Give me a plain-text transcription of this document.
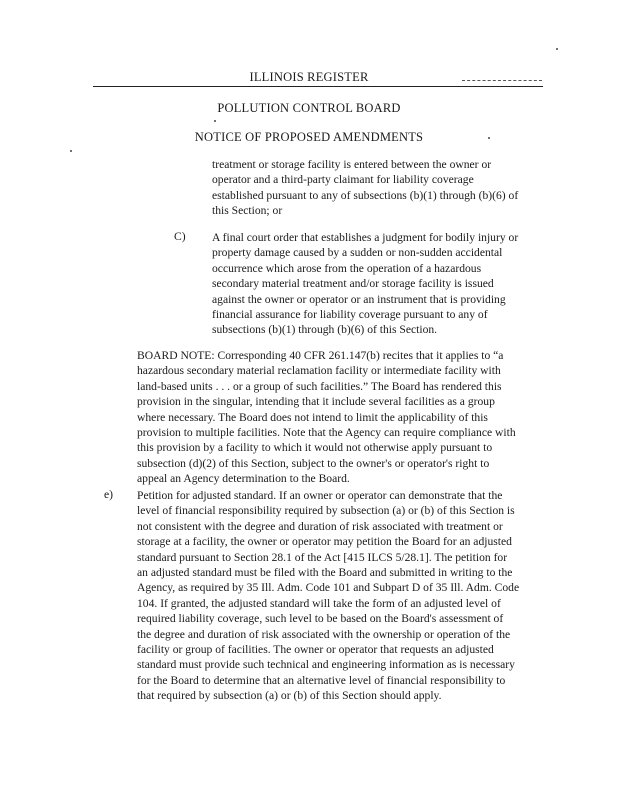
ILLINOIS REGISTER
POLLUTION CONTROL BOARD
NOTICE OF PROPOSED AMENDMENTS

treatment or storage facility is entered between the owner or

operator and a third-party claimant for liability coverage

established pursuant to any of subsections (b)(1) through (b)(6) of

this Section; or

C) A final court order that establishes a judgment for bodily injury or

property damage caused by a sudden or non-sudden accidental

occurrence which arose from the operation of a hazardous

secondary material treatment and/or storage facility is issued

against the owner or operator or an instrument that is providing

financial assurance for liability coverage pursuant to any of

subsections (b)(1) through (b)(6) of this Section.

BOARD NOTE: Corresponding 40 CFR 261.147(b) recites that it applies to “a

hazardous secondary material reclamation facility or intermediate facility with

land-based units . . . or a group of such facilities.” The Board has rendered this

provision in the singular, intending that it include several facilities as a group

where necessary. The Board does not intend to limit the applicability of this

provision to multiple facilities. Note that the Agency can require compliance with

this provision by a facility to which it would not otherwise apply pursuant to

subsection (d)(2) of this Section, subject to the owner's or operator's right to

appeal an Agency determination to the Board.

e) Petition for adjusted standard. If an owner or operator can demonstrate that the

level of financial responsibility required by subsection (a) or (b) of this Section is

not consistent with the degree and duration of risk associated with treatment or

storage at a facility, the owner or operator may petition the Board for an adjusted

standard pursuant to Section 28.1 of the Act [415 ILCS 5/28.1]. The petition for

an adjusted standard must be filed with the Board and submitted in writing to the

Agency, as required by 35 Ill. Adm. Code 101 and Subpart D of 35 Ill. Adm. Code

104. If granted, the adjusted standard will take the form of an adjusted level of

required liability coverage, such level to be based on the Board's assessment of

the degree and duration of risk associated with the ownership or operation of the

facility or group of facilities. The owner or operator that requests an adjusted

standard must provide such technical and engineering information as is necessary

for the Board to determine that an alternative level of financial responsibility to

that required by subsection (a) or (b) of this Section should apply.
